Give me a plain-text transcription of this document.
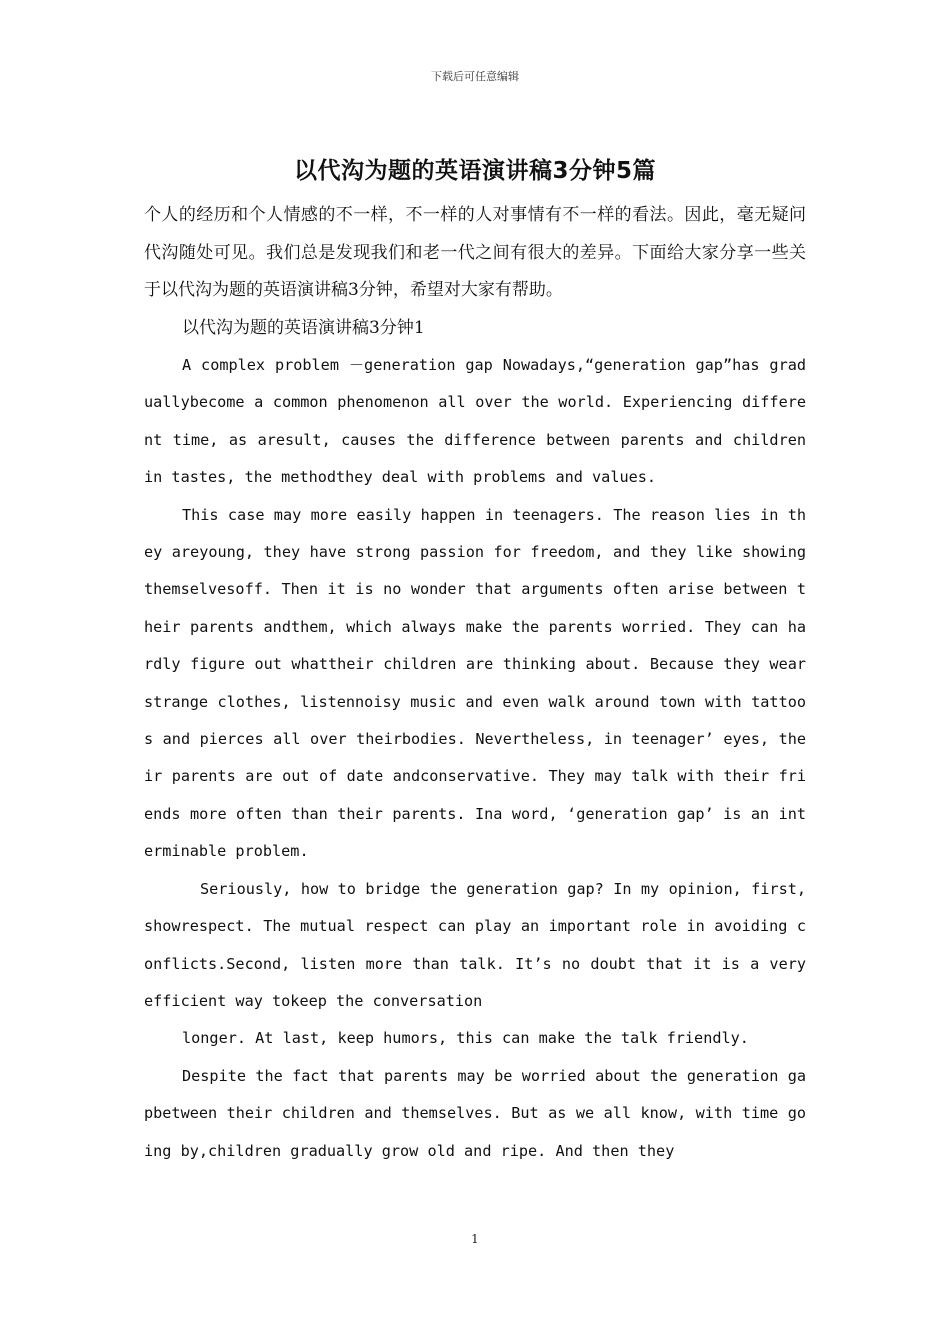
下载后可任意编辑
以代沟为题的英语演讲稿3分钟5篇

个人的经历和个人情感的不一样，不一样的人对事情有不一样的看法。因此，毫无疑问代沟随处可见。我们总是发现我们和老一代之间有很大的差异。下面给大家分享一些关于以代沟为题的英语演讲稿3分钟，希望对大家有帮助。

以代沟为题的英语演讲稿3分钟1

A complex problem －generation gap Nowadays,“generation gap”has graduallybecome a common phenomenon all over the world. Experiencing different time, as aresult, causes the difference between parents and children in tastes, the methodthey deal with problems and values.

This case may more easily happen in teenagers. The reason lies in they areyoung, they have strong passion for freedom, and they like showing themselvesoff. Then it is no wonder that arguments often arise between their parents andthem, which always make the parents worried. They can hardly figure out whattheir children are thinking about. Because they wear strange clothes, listennoisy music and even walk around town with tattoos and pierces all over theirbodies. Nevertheless, in teenager’ eyes, their parents are out of date andconservative. They may talk with their friends more often than their parents. Ina word, ‘generation gap’ is an interminable problem.

Seriously, how to bridge the generation gap? In my opinion, first, showrespect. The mutual respect can play an important role in avoiding conflicts.Second, listen more than talk. It’s no doubt that it is a very efficient way tokeep the conversation

longer. At last, keep humors, this can make the talk friendly.

Despite the fact that parents may be worried about the generation gapbetween their children and themselves. But as we all know, with time going by,children gradually grow old and ripe. And then they

1
